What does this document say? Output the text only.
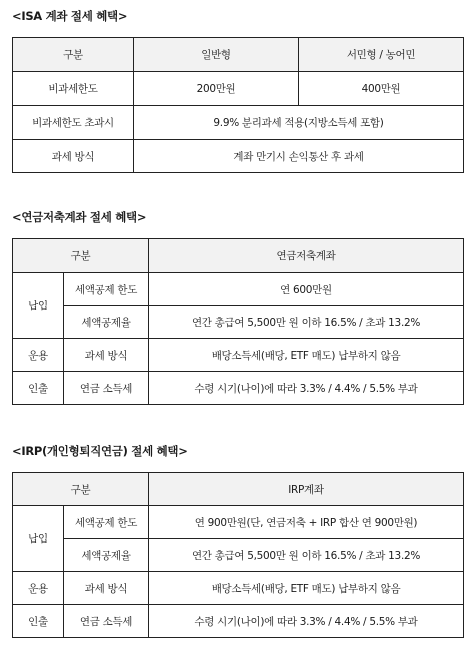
<ISA 계좌 절세 혜택>
구분	일반형	서민형 / 농어민
비과세한도	200만원	400만원
비과세한도 초과시	9.9% 분리과세 적용(지방소득세 포함)	
과세 방식	계좌 만기시 손익통산 후 과세	
<연금저축계좌 절세 혜택>
구분		연금저축계좌
납입	세액공제 한도	연 600만원
	세액공제율	연간 총급여 5,500만 원 이하 16.5% / 초과 13.2%
운용	과세 방식	배당소득세(배당, ETF 매도) 납부하지 않음
인출	연금 소득세	수령 시기(나이)에 따라 3.3% / 4.4% / 5.5% 부과
<IRP(개인형퇴직연금) 절세 혜택>
구분		IRP계좌
납입	세액공제 한도	연 900만원(단, 연금저축 + IRP 합산 연 900만원)
	세액공제율	연간 총급여 5,500만 원 이하 16.5% / 초과 13.2%
운용	과세 방식	배당소득세(배당, ETF 매도) 납부하지 않음
인출	연금 소득세	수령 시기(나이)에 따라 3.3% / 4.4% / 5.5% 부과
